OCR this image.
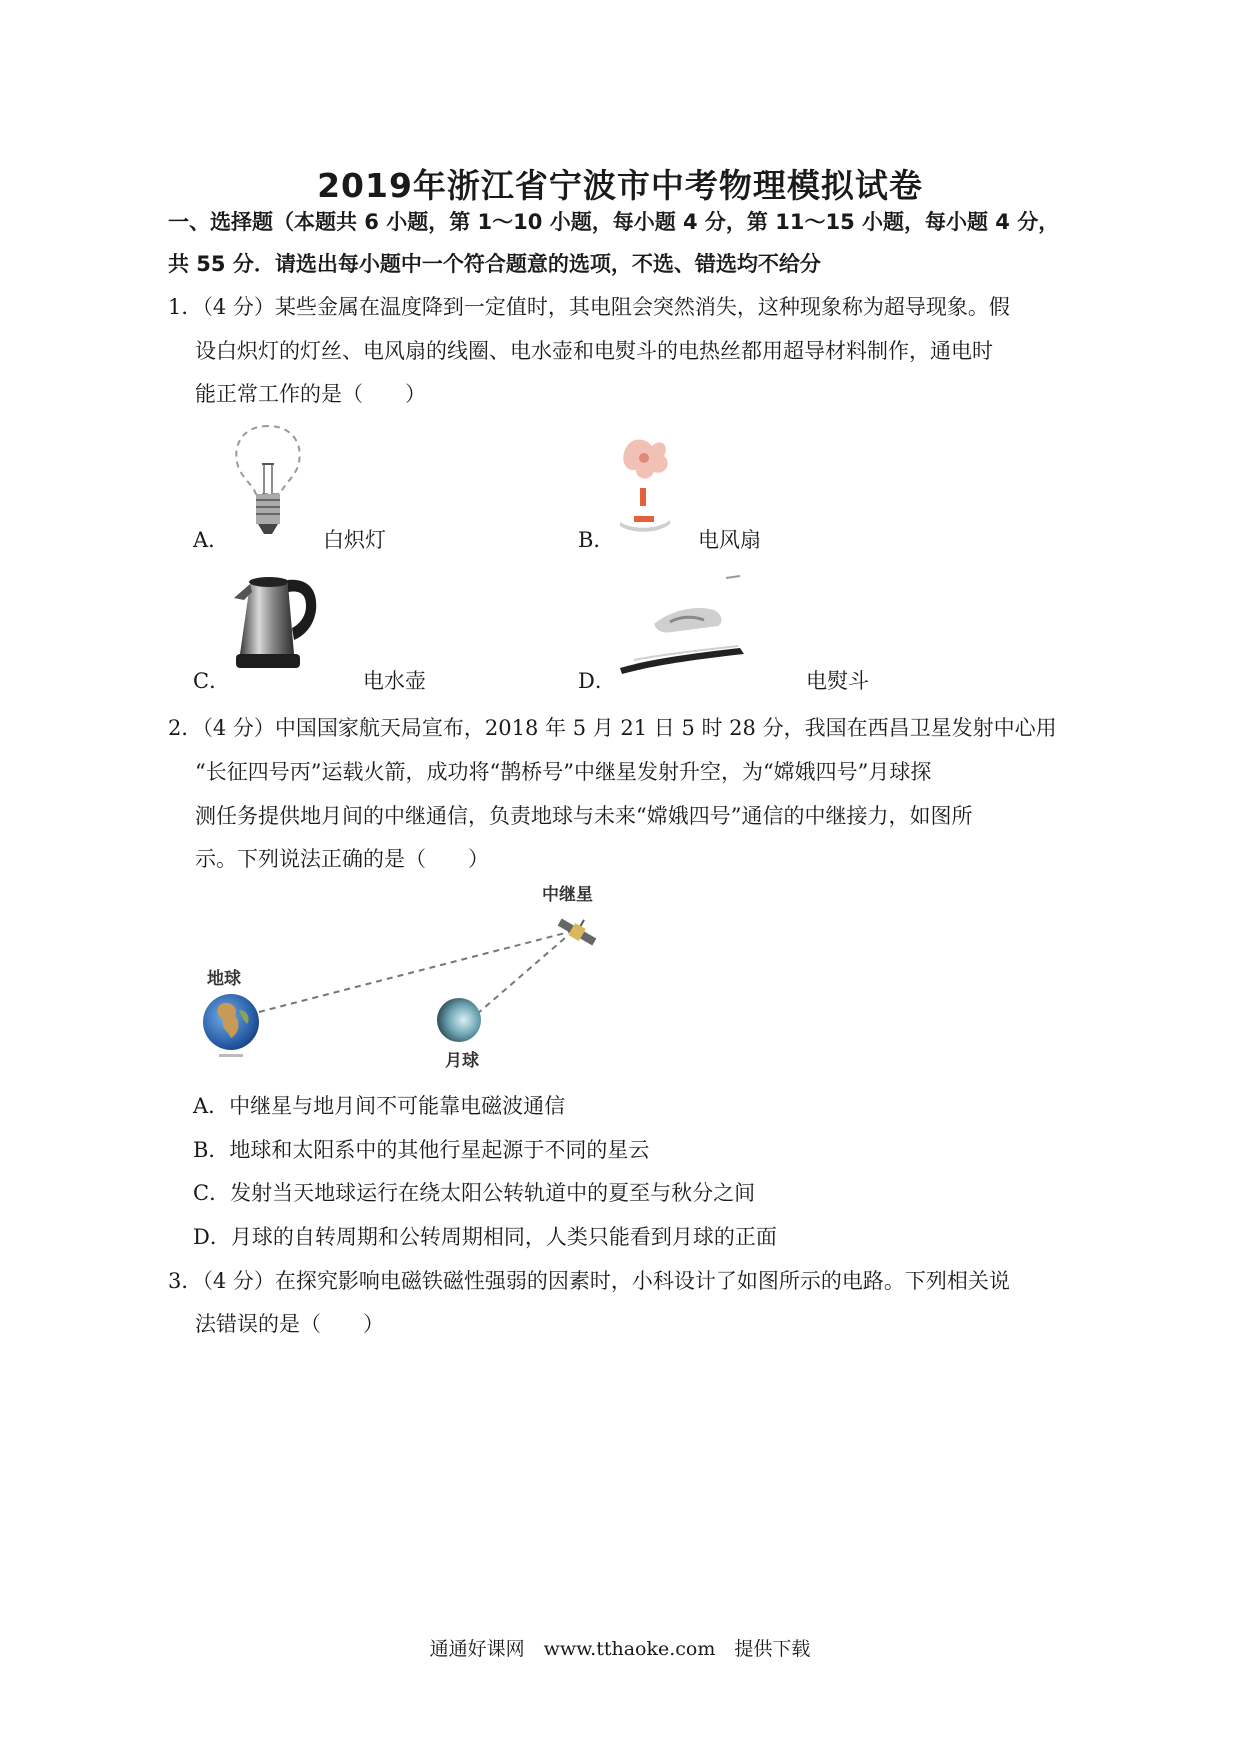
2019年浙江省宁波市中考物理模拟试卷
一、选择题（本题共 6 小题，第 1～10 小题，每小题 4 分，第 11～15 小题，每小题 4 分，
共 55 分．请选出每小题中一个符合题意的选项，不选、错选均不给分
1．（4 分）某些金属在温度降到一定值时，其电阻会突然消失，这种现象称为超导现象。假
设白炽灯的灯丝、电风扇的线圈、电水壶和电熨斗的电热丝都用超导材料制作，通电时
能正常工作的是（　　）
A．	白炽灯	B．	电风扇
C．	电水壶	D．	电熨斗
2．（4 分）中国国家航天局宣布，2018 年 5 月 21 日 5 时 28 分，我国在西昌卫星发射中心用
“长征四号丙”运载火箭，成功将“鹊桥号”中继星发射升空，为“嫦娥四号”月球探
测任务提供地月间的中继通信，负责地球与未来“嫦娥四号”通信的中继接力，如图所
示。下列说法正确的是（　　）
中继星
地球
月球
A．中继星与地月间不可能靠电磁波通信
B．地球和太阳系中的其他行星起源于不同的星云
C．发射当天地球运行在绕太阳公转轨道中的夏至与秋分之间
D．月球的自转周期和公转周期相同，人类只能看到月球的正面
3．（4 分）在探究影响电磁铁磁性强弱的因素时，小科设计了如图所示的电路。下列相关说
法错误的是（　　）
通通好课网　www.tthaoke.com　提供下载
